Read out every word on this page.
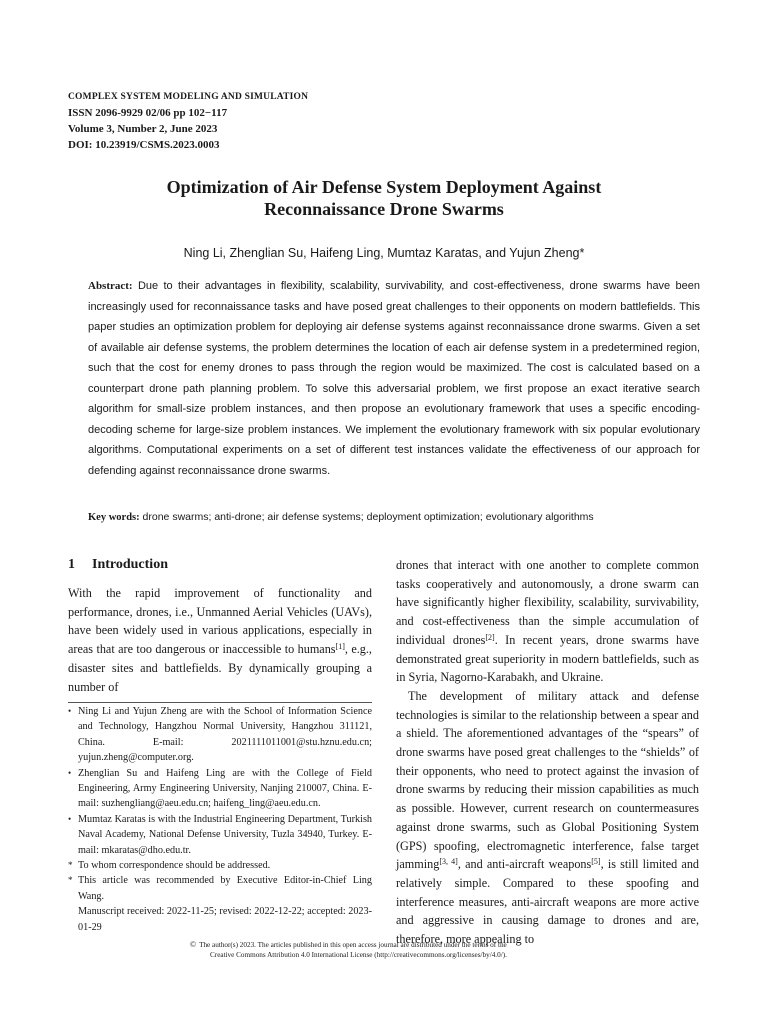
COMPLEX SYSTEM MODELING AND SIMULATION
ISSN 2096-9929 02/06 pp 102−117
Volume 3, Number 2, June 2023
DOI: 10.23919/CSMS.2023.0003
Optimization of Air Defense System Deployment Against
Reconnaissance Drone Swarms
Ning Li, Zhenglian Su, Haifeng Ling, Mumtaz Karatas, and Yujun Zheng*
Abstract: Due to their advantages in flexibility, scalability, survivability, and cost-effectiveness, drone swarms have been increasingly used for reconnaissance tasks and have posed great challenges to their opponents on modern battlefields. This paper studies an optimization problem for deploying air defense systems against reconnaissance drone swarms. Given a set of available air defense systems, the problem determines the location of each air defense system in a predetermined region, such that the cost for enemy drones to pass through the region would be maximized. The cost is calculated based on a counterpart drone path planning problem. To solve this adversarial problem, we first propose an exact iterative search algorithm for small-size problem instances, and then propose an evolutionary framework that uses a specific encoding-decoding scheme for large-size problem instances. We implement the evolutionary framework with six popular evolutionary algorithms. Computational experiments on a set of different test instances validate the effectiveness of our approach for defending against reconnaissance drone swarms.
Key words: drone swarms; anti-drone; air defense systems; deployment optimization; evolutionary algorithms
1 Introduction

With the rapid improvement of functionality and performance, drones, i.e., Unmanned Aerial Vehicles (UAVs), have been widely used in various applications, especially in areas that are too dangerous or inaccessible to humans[1], e.g., disaster sites and battlefields. By dynamically grouping a number of

• Ning Li and Yujun Zheng are with the School of Information Science and Technology, Hangzhou Normal University, Hangzhou 311121, China. E-mail: 2021111011001@stu.hznu.edu.cn; yujun.zheng@computer.org.
• Zhenglian Su and Haifeng Ling are with the College of Field Engineering, Army Engineering University, Nanjing 210007, China. E-mail: suzhengliang@aeu.edu.cn; haifeng_ling@aeu.edu.cn.
• Mumtaz Karatas is with the Industrial Engineering Department, Turkish Naval Academy, National Defense University, Tuzla 34940, Turkey. E-mail: mkaratas@dho.edu.tr.
* To whom correspondence should be addressed.
* This article was recommended by Executive Editor-in-Chief Ling Wang.
Manuscript received: 2022-11-25; revised: 2022-12-22; accepted: 2023-01-29

drones that interact with one another to complete common tasks cooperatively and autonomously, a drone swarm can have significantly higher flexibility, scalability, survivability, and cost-effectiveness than the simple accumulation of individual drones[2]. In recent years, drone swarms have demonstrated great superiority in modern battlefields, such as in Syria, Nagorno-Karabakh, and Ukraine.

The development of military attack and defense technologies is similar to the relationship between a spear and a shield. The aforementioned advantages of the “spears” of drone swarms have posed great challenges to the “shields” of their opponents, who need to protect against the invasion of drone swarms by reducing their mission capabilities as much as possible. However, current research on countermeasures against drone swarms, such as Global Positioning System (GPS) spoofing, electromagnetic interference, false target jamming[3, 4], and anti-aircraft weapons[5], is still limited and relatively simple. Compared to these spoofing and interference measures, anti-aircraft weapons are more active and aggressive in causing damage to drones and are, therefore, more appealing to

© The author(s) 2023. The articles published in this open access journal are distributed under the terms of the
Creative Commons Attribution 4.0 International License (http://creativecommons.org/licenses/by/4.0/).
